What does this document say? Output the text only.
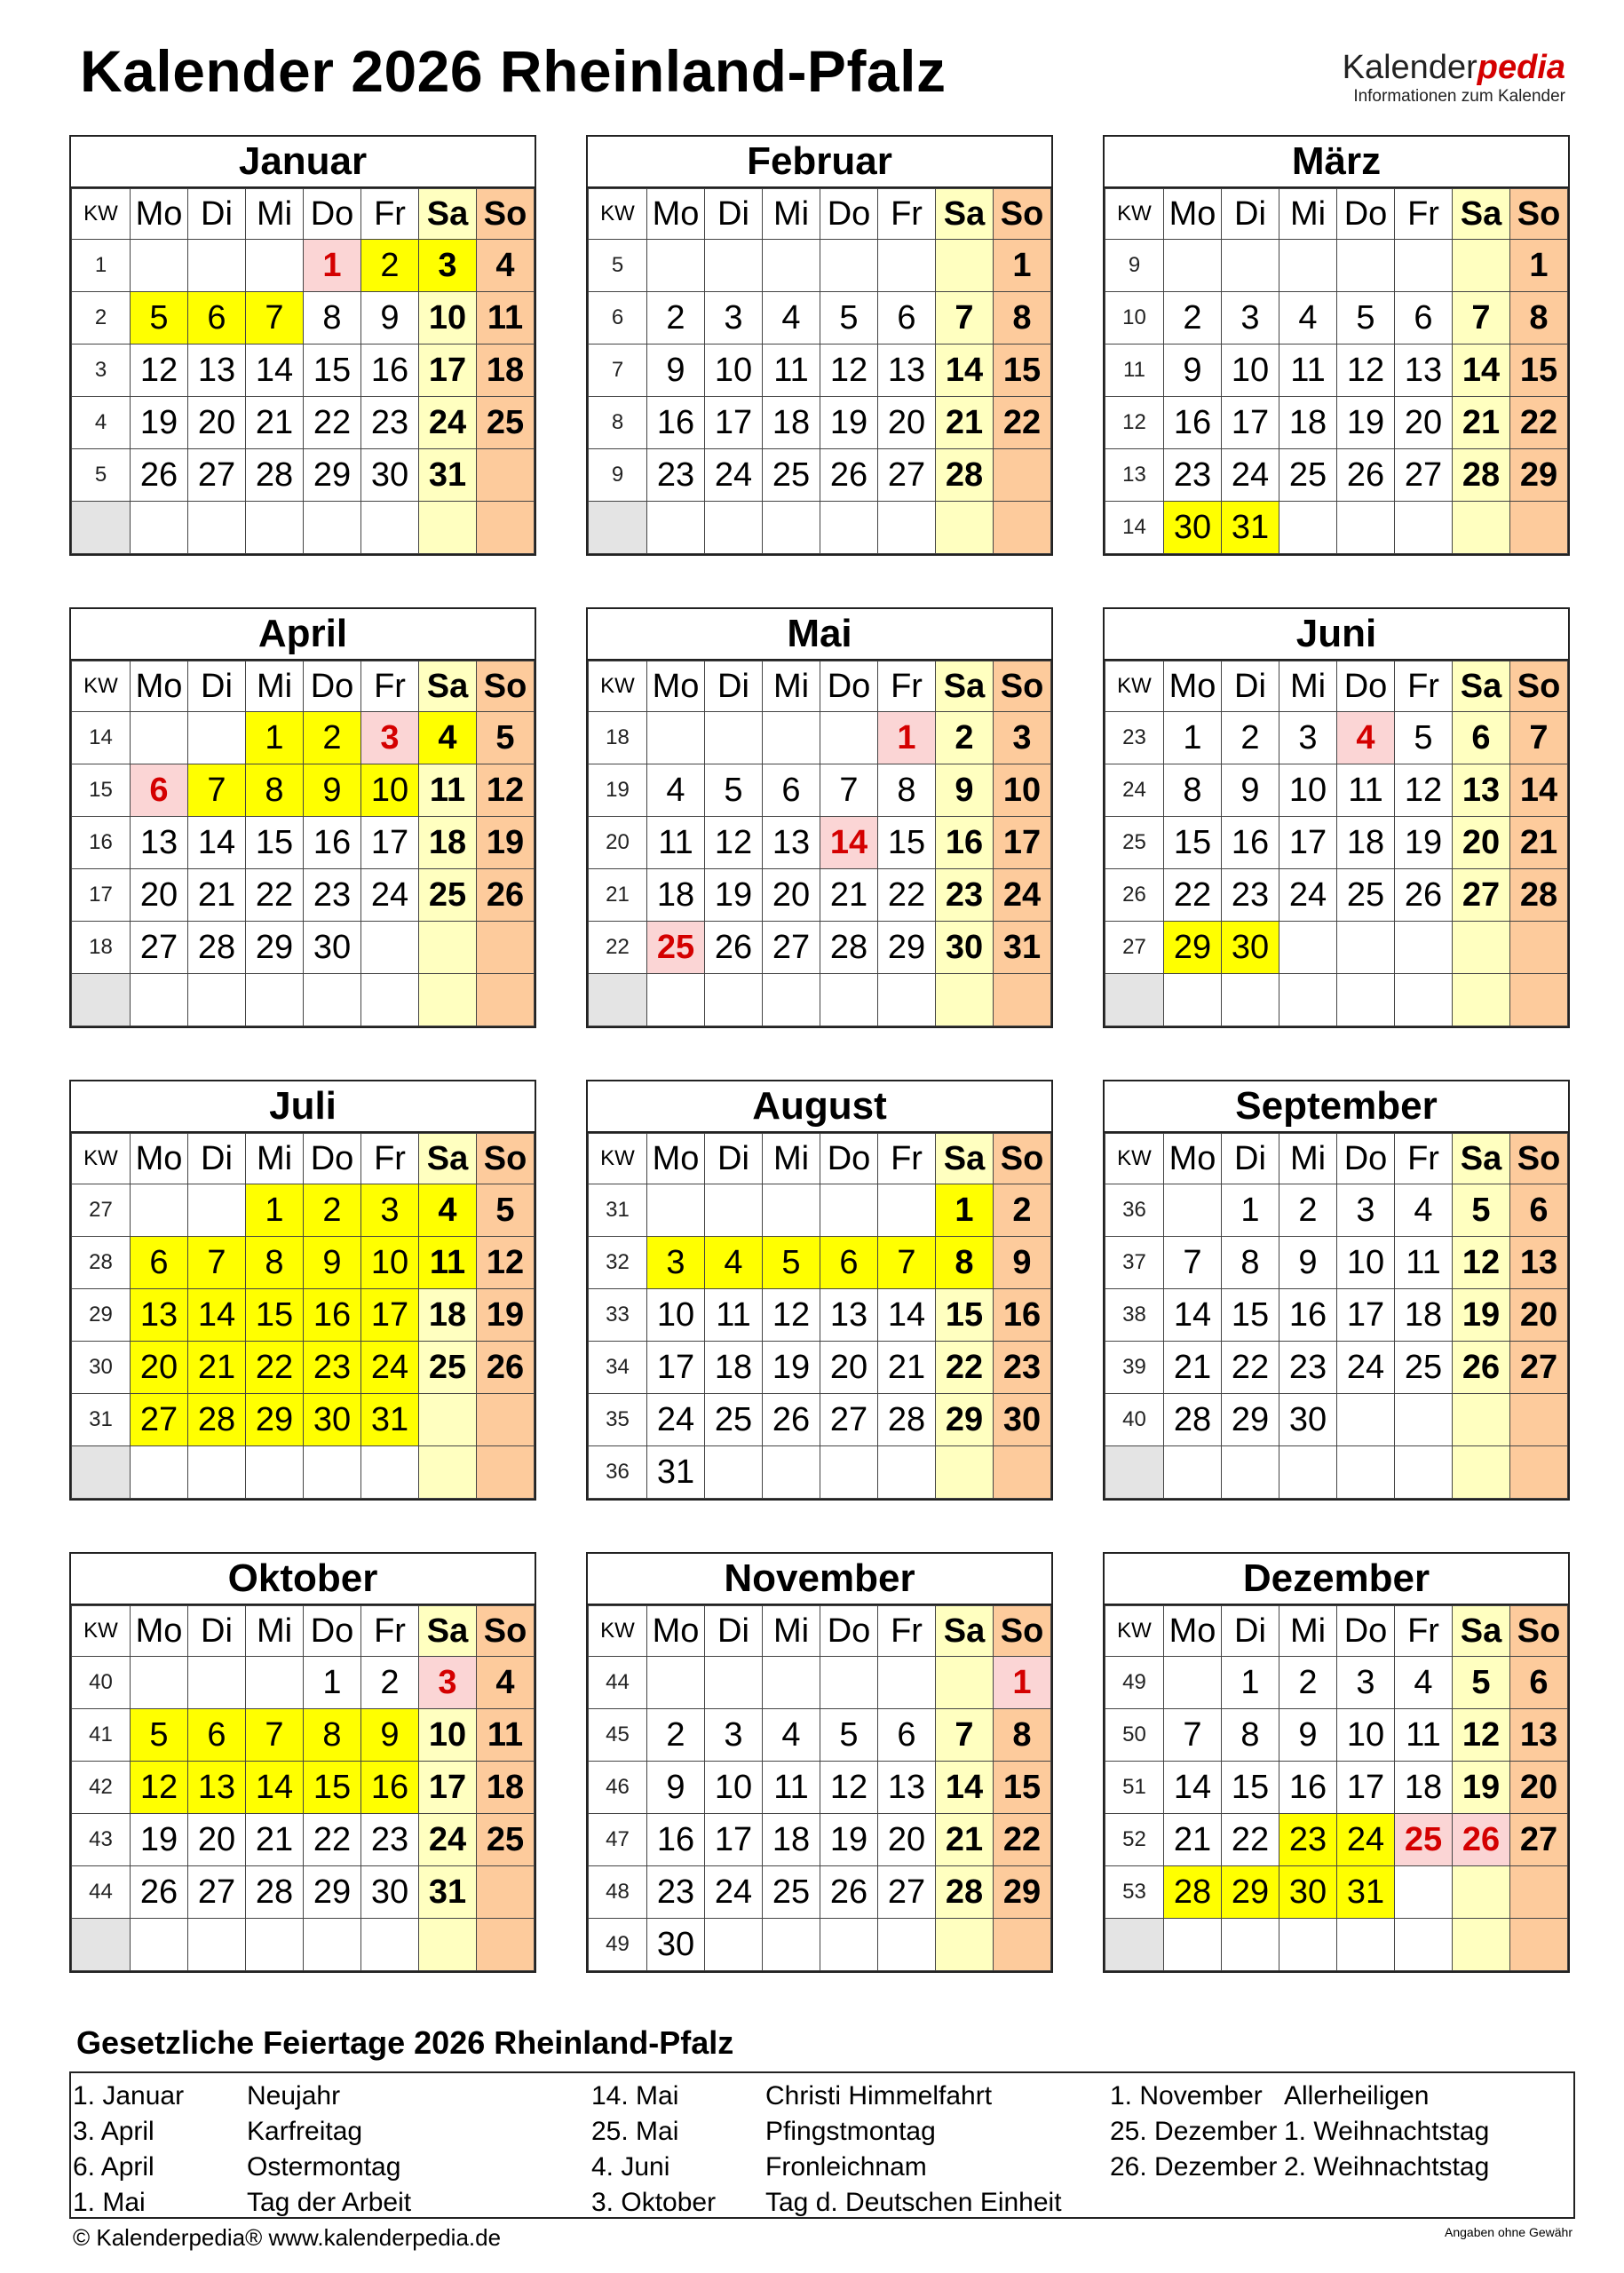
Kalender 2026 Rheinland-Pfalz	Kalenderpedia
Informationen zum Kalender
Januar
KW	Mo	Di	Mi	Do	Fr	Sa	So
1				1	2	3	4
2	5	6	7	8	9	10	11
3	12	13	14	15	16	17	18
4	19	20	21	22	23	24	25
5	26	27	28	29	30	31	

Februar
KW	Mo	Di	Mi	Do	Fr	Sa	So
5							1
6	2	3	4	5	6	7	8
7	9	10	11	12	13	14	15
8	16	17	18	19	20	21	22
9	23	24	25	26	27	28	

März
KW	Mo	Di	Mi	Do	Fr	Sa	So
9							1
10	2	3	4	5	6	7	8
11	9	10	11	12	13	14	15
12	16	17	18	19	20	21	22
13	23	24	25	26	27	28	29
14	30	31					
April
KW	Mo	Di	Mi	Do	Fr	Sa	So
14			1	2	3	4	5
15	6	7	8	9	10	11	12
16	13	14	15	16	17	18	19
17	20	21	22	23	24	25	26
18	27	28	29	30			

Mai
KW	Mo	Di	Mi	Do	Fr	Sa	So
18					1	2	3
19	4	5	6	7	8	9	10
20	11	12	13	14	15	16	17
21	18	19	20	21	22	23	24
22	25	26	27	28	29	30	31

Juni
KW	Mo	Di	Mi	Do	Fr	Sa	So
23	1	2	3	4	5	6	7
24	8	9	10	11	12	13	14
25	15	16	17	18	19	20	21
26	22	23	24	25	26	27	28
27	29	30					

Juli
KW	Mo	Di	Mi	Do	Fr	Sa	So
27			1	2	3	4	5
28	6	7	8	9	10	11	12
29	13	14	15	16	17	18	19
30	20	21	22	23	24	25	26
31	27	28	29	30	31		

August
KW	Mo	Di	Mi	Do	Fr	Sa	So
31						1	2
32	3	4	5	6	7	8	9
33	10	11	12	13	14	15	16
34	17	18	19	20	21	22	23
35	24	25	26	27	28	29	30
36	31						
September
KW	Mo	Di	Mi	Do	Fr	Sa	So
36		1	2	3	4	5	6
37	7	8	9	10	11	12	13
38	14	15	16	17	18	19	20
39	21	22	23	24	25	26	27
40	28	29	30				

Oktober
KW	Mo	Di	Mi	Do	Fr	Sa	So
40				1	2	3	4
41	5	6	7	8	9	10	11
42	12	13	14	15	16	17	18
43	19	20	21	22	23	24	25
44	26	27	28	29	30	31	

November
KW	Mo	Di	Mi	Do	Fr	Sa	So
44							1
45	2	3	4	5	6	7	8
46	9	10	11	12	13	14	15
47	16	17	18	19	20	21	22
48	23	24	25	26	27	28	29
49	30						
Dezember
KW	Mo	Di	Mi	Do	Fr	Sa	So
49		1	2	3	4	5	6
50	7	8	9	10	11	12	13
51	14	15	16	17	18	19	20
52	21	22	23	24	25	26	27
53	28	29	30	31			

Gesetzliche Feiertage 2026 Rheinland-Pfalz
1. Januar	Neujahr
3. April	Karfreitag
6. April	Ostermontag
1. Mai	Tag der Arbeit
14. Mai	Christi Himmelfahrt
25. Mai	Pfingstmontag
4. Juni	Fronleichnam
3. Oktober	Tag d. Deutschen Einheit
1. November Allerheiligen
25. Dezember 1. Weihnachtstag
26. Dezember 2. Weihnachtstag
© Kalenderpedia® www.kalenderpedia.de	Angaben ohne Gewähr
